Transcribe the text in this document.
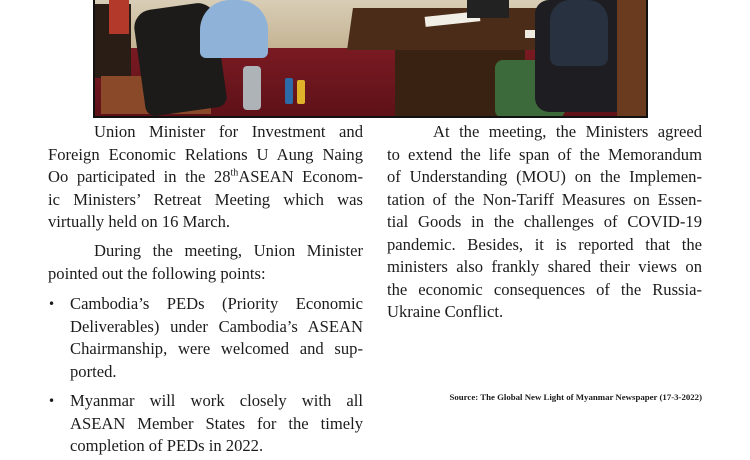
Union Minister for Investment and
Foreign Economic Relations U Aung Naing
Oo participated in the 28thASEAN Econom-
ic Ministers’ Retreat Meeting which was
virtually held on 16 March.
During the meeting, Union Minister
pointed out the following points:
• Cambodia’s PEDs (Priority Economic
Deliverables) under Cambodia’s ASEAN
Chairmanship, were welcomed and sup-
ported.
• Myanmar will work closely with all
ASEAN Member States for the timely
completion of PEDs in 2022.
At the meeting, the Ministers agreed
to extend the life span of the Memorandum
of Understanding (MOU) on the Implemen-
tation of the Non-Tariff Measures on Essen-
tial Goods in the challenges of COVID-19
pandemic. Besides, it is reported that the
ministers also frankly shared their views on
the economic consequences of the Russia-
Ukraine Conflict.
Source: The Global New Light of Myanmar Newspaper (17-3-2022)
